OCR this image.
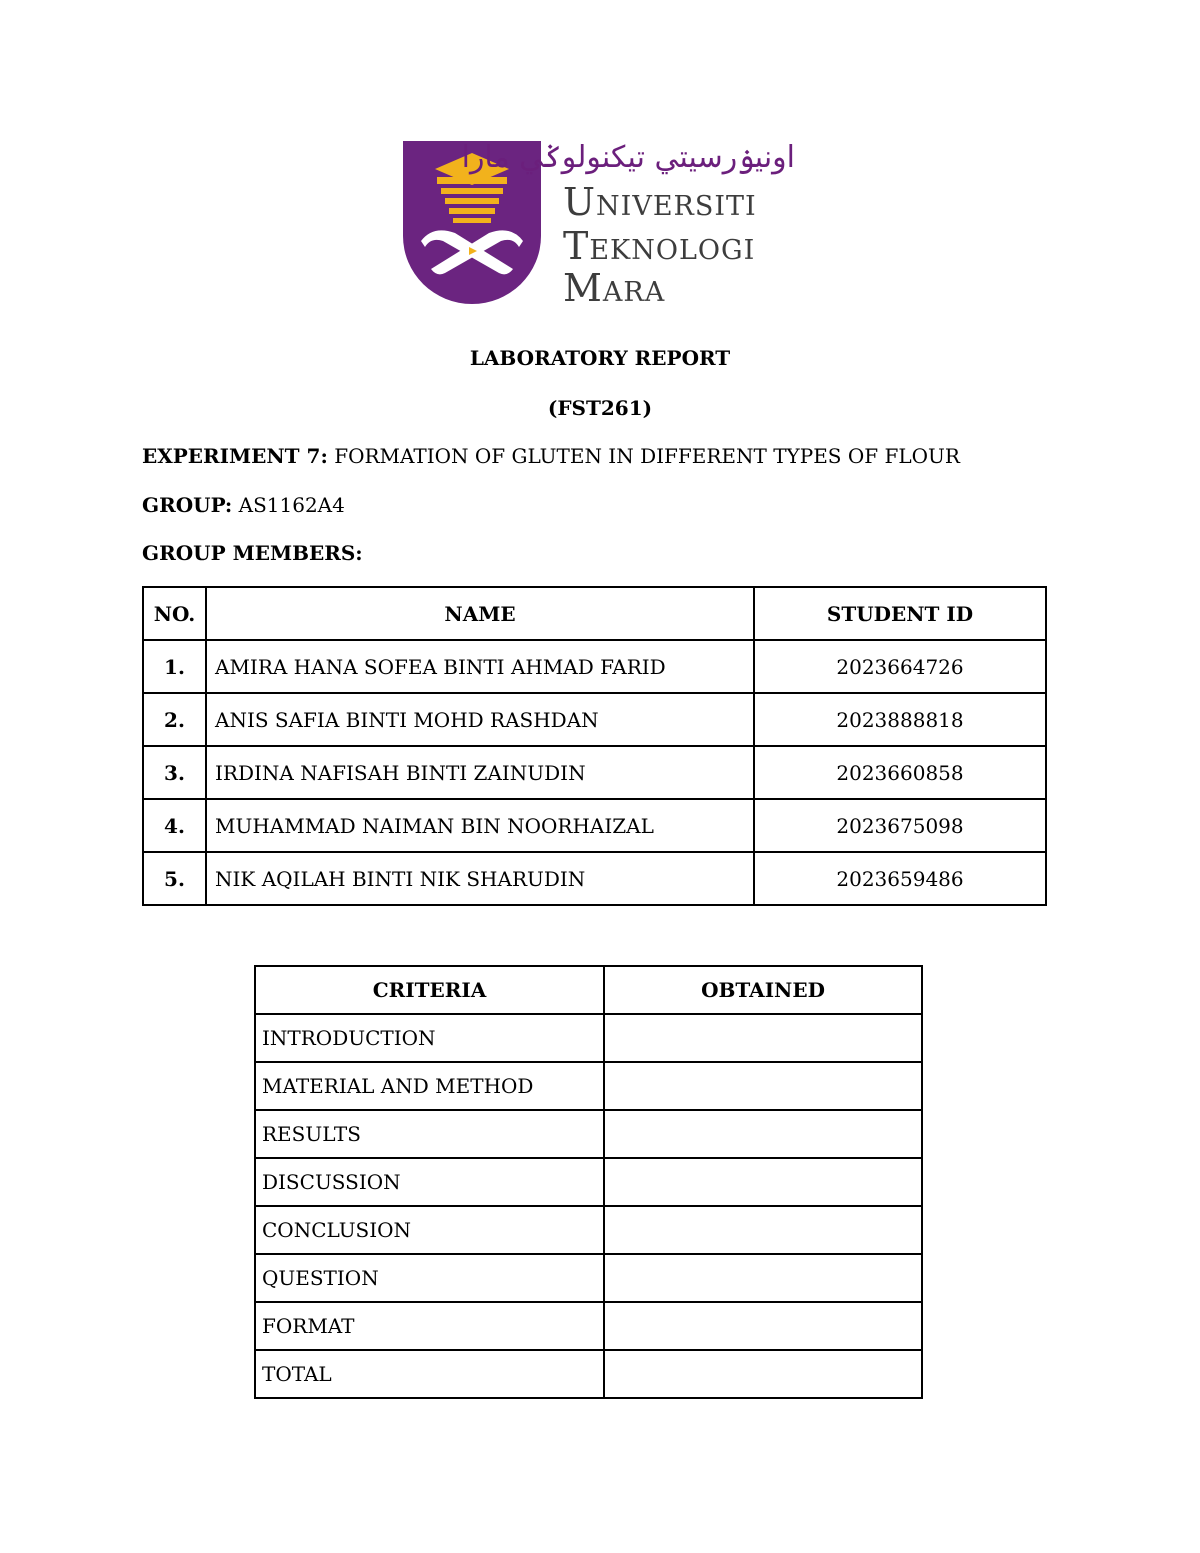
اونيۏرسيتي تيكنولوݢي مارا
Universiti
Teknologi
Mara
LABORATORY REPORT
(FST261)
EXPERIMENT 7: FORMATION OF GLUTEN IN DIFFERENT TYPES OF FLOUR
GROUP: AS1162A4
GROUP MEMBERS:
NO.	NAME	STUDENT ID
1.	AMIRA HANA SOFEA BINTI AHMAD FARID	2023664726
2.	ANIS SAFIA BINTI MOHD RASHDAN	2023888818
3.	IRDINA NAFISAH BINTI ZAINUDIN	2023660858
4.	MUHAMMAD NAIMAN BIN NOORHAIZAL	2023675098
5.	NIK AQILAH BINTI NIK SHARUDIN	2023659486
CRITERIA	OBTAINED
INTRODUCTION	
MATERIAL AND METHOD	
RESULTS	
DISCUSSION	
CONCLUSION	
QUESTION	
FORMAT	
TOTAL	
